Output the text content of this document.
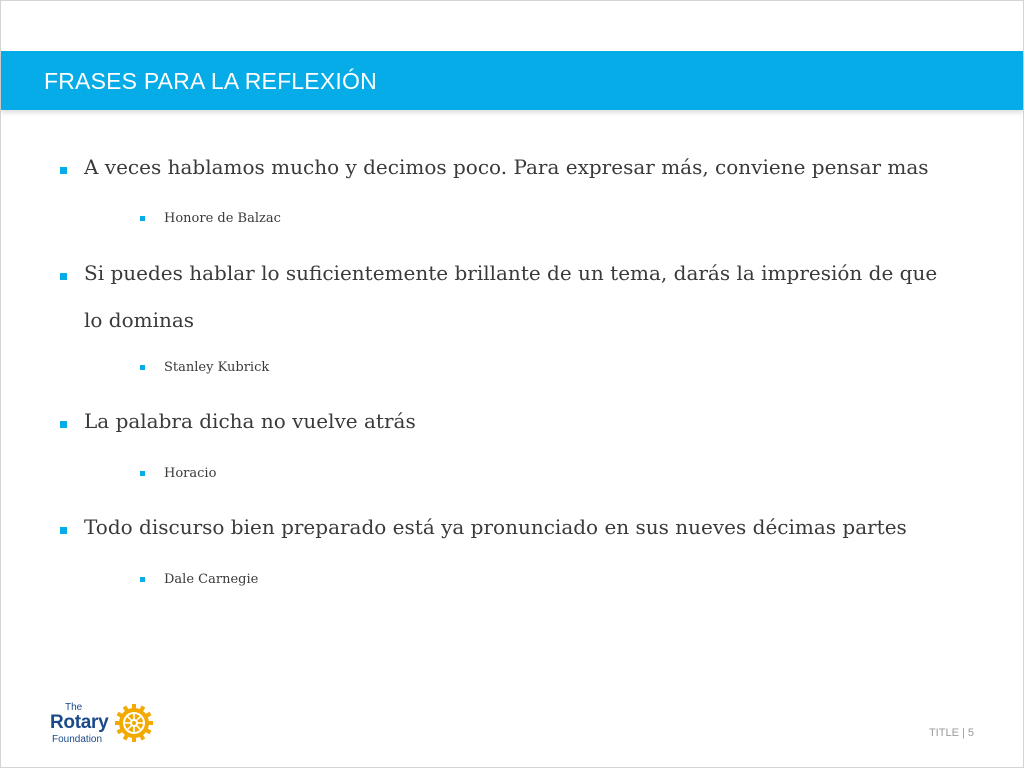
FRASES PARA LA REFLEXIÓN
A veces hablamos mucho y decimos poco. Para expresar más, conviene pensar mas
Honore de Balzac
Si puedes hablar lo suficientemente brillante de un tema, darás la impresión de que lo dominas
Stanley Kubrick
La palabra dicha no vuelve atrás
Horacio
Todo discurso bien preparado está ya pronunciado en sus nueves décimas partes
Dale Carnegie
The
Rotary
Foundation
TITLE | 5
